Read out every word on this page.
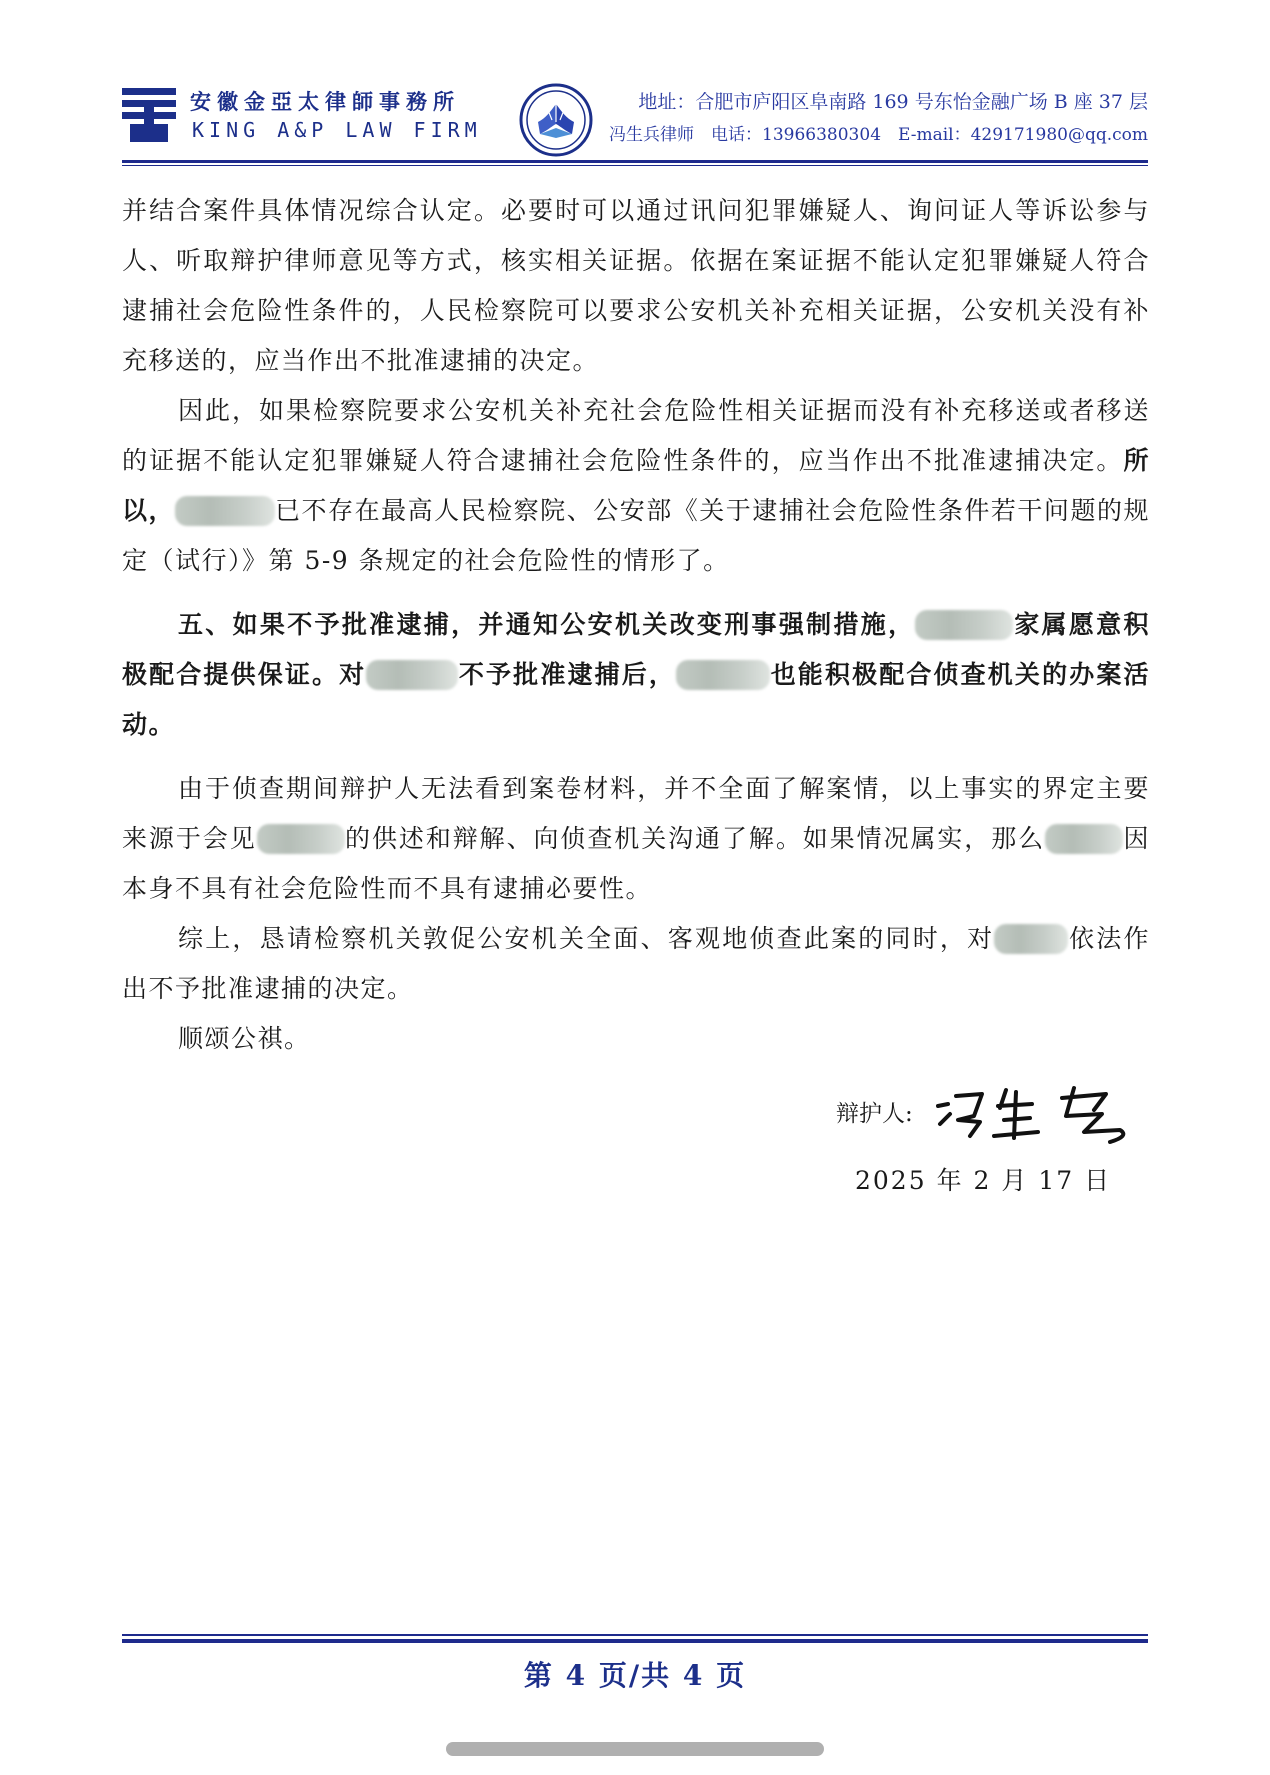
安徽金亞太律師事務所
KING A&P LAW FIRM
地址：合肥市庐阳区阜南路 169 号东怡金融广场 B 座 37 层
冯生兵律师　电话：13966380304　E-mail：429171980@qq.com

并结合案件具体情况综合认定。必要时可以通过讯问犯罪嫌疑人、询问证人等诉讼参与人、听取辩护律师意见等方式，核实相关证据。依据在案证据不能认定犯罪嫌疑人符合逮捕社会危险性条件的，人民检察院可以要求公安机关补充相关证据，公安机关没有补充移送的，应当作出不批准逮捕的决定。

因此，如果检察院要求公安机关补充社会危险性相关证据而没有补充移送或者移送的证据不能认定犯罪嫌疑人符合逮捕社会危险性条件的，应当作出不批准逮捕决定。所以，	已不存在最高人民检察院、公安部《关于逮捕社会危险性条件若干问题的规定（试行）》第 5-9 条规定的社会危险性的情形了。

五、如果不予批准逮捕，并通知公安机关改变刑事强制措施，	家属愿意积极配合提供保证。对	不予批准逮捕后，	也能积极配合侦查机关的办案活动。

由于侦查期间辩护人无法看到案卷材料，并不全面了解案情，以上事实的界定主要来源于会见	的供述和辩解、向侦查机关沟通了解。如果情况属实，那么	因本身不具有社会危险性而不具有逮捕必要性。

综上，恳请检察机关敦促公安机关全面、客观地侦查此案的同时，对	依法作出不予批准逮捕的决定。

顺颂公祺。

辩护人:
2025 年 2 月 17 日
第 4 页/共 4 页
